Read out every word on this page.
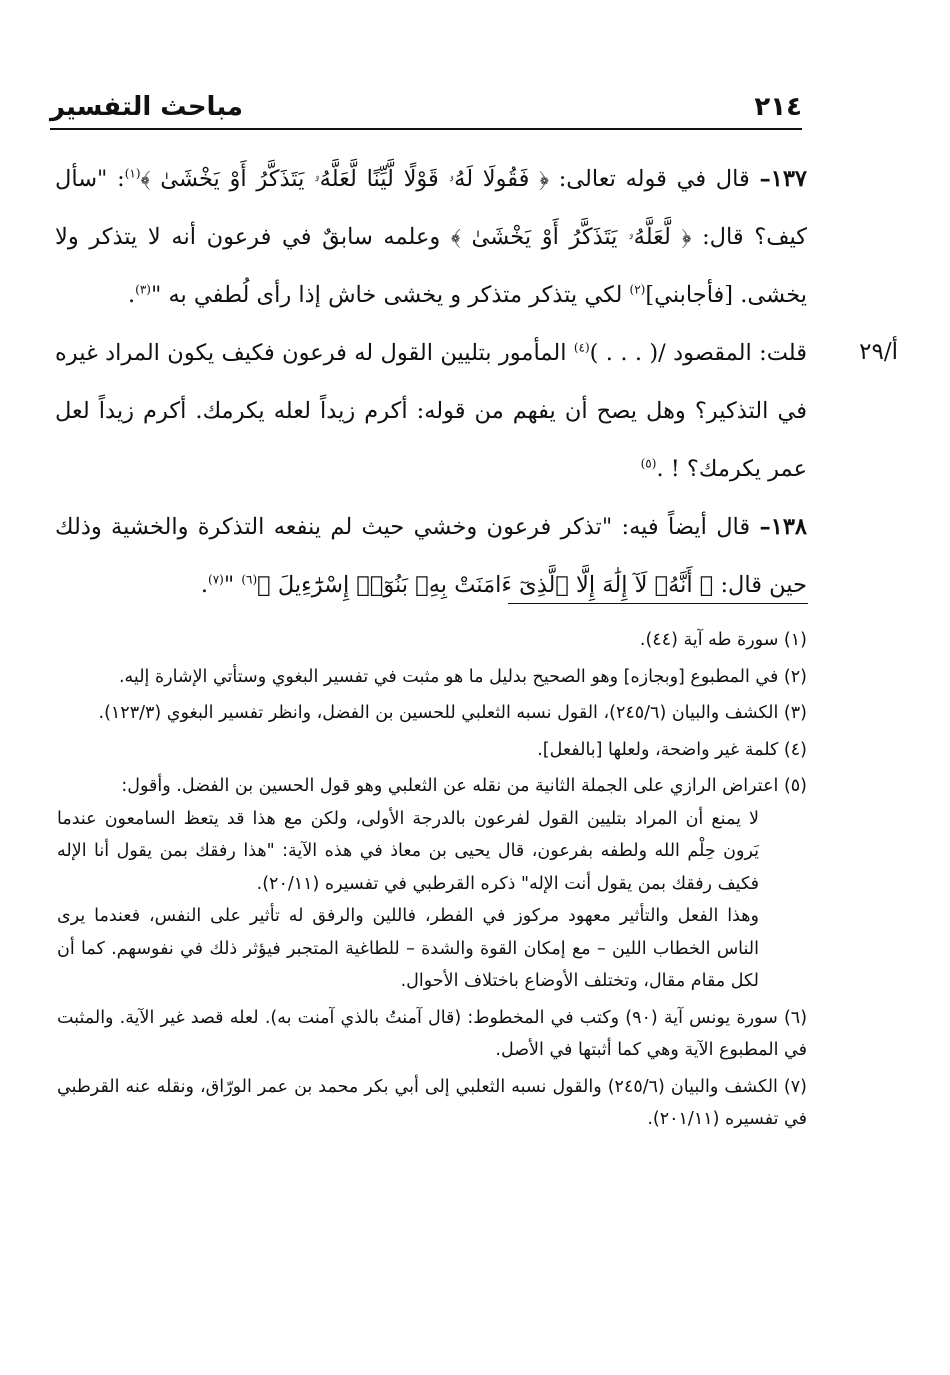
٢١٤
مباحث التفسير
أ/٢٩

١٣٧– قال في قوله تعالى: ﴿ فَقُولَا لَهُۥ قَوْلًا لَّيِّنًا لَّعَلَّهُۥ يَتَذَكَّرُ أَوْ يَخْشَىٰ ﴾$^{(١)}$: "سأل كيف؟ قال: ﴿ لَّعَلَّهُۥ يَتَذَكَّرُ أَوْ يَخْشَىٰ ﴾ وعلمه سابقٌ في فرعون أنه لا يتذكر ولا يخشى. [فأجابني]$^{(٢)}$ لكي يتذكر متذكر و يخشى خاش إذا رأى لُطفي به "$^{(٣)}$.

قلت: المقصود /( . . . )$^{(٤)}$ المأمور بتليين القول له فرعون فكيف يكون المراد غيره في التذكير؟ وهل يصح أن يفهم من قوله: أكرم زيداً لعله يكرمك. أكرم زيداً لعل عمر يكرمك؟ ! .$^{(٥)}$

١٣٨– قال أيضاً فيه: "تذكر فرعون وخشي حيث لم ينفعه التذكرة والخشية وذلك حين قال: ﴿ أَنَّهُۥ لَآ إِلَٰهَ إِلَّا ٱلَّذِىٓ ءَامَنَتْ بِهِۦ بَنُوٓا۟ إِسْرَٰٓءِيلَ ﴾$^{(٦)}$ "$^{(٧)}$.

(١) سورة طه آية (٤٤).

(٢) في المطبوع [وبجازه] وهو الصحيح بدليل ما هو مثبت في تفسير البغوي وستأتي الإشارة إليه.

(٣) الكشف والبيان (٢٤٥/٦)، القول نسبه الثعلبي للحسين بن الفضل، وانظر تفسير البغوي (١٢٣/٣).

(٤) كلمة غير واضحة، ولعلها [بالفعل].

(٥) اعتراض الرازي على الجملة الثانية من نقله عن الثعلبي وهو قول الحسين بن الفضل. وأقول:

لا يمنع أن المراد بتليين القول لفرعون بالدرجة الأولى، ولكن مع هذا قد يتعظ السامعون عندما يَرون حِلْم الله ولطفه بفرعون، قال يحيى بن معاذ في هذه الآية: "هذا رفقك بمن يقول أنا الإله فكيف رفقك بمن يقول أنت الإله" ذكره القرطبي في تفسيره (٢٠/١١).

وهذا الفعل والتأثير معهود مركوز في الفطر، فاللين والرفق له تأثير على النفس، فعندما يرى الناس الخطاب اللين – مع إمكان القوة والشدة – للطاغية المتجبر فيؤثر ذلك في نفوسهم. كما أن لكل مقام مقال، وتختلف الأوضاع باختلاف الأحوال.

(٦) سورة يونس آية (٩٠) وكتب في المخطوط: (قال آمنتُ بالذي آمنت به). لعله قصد غير الآية. والمثبت في المطبوع الآية وهي كما أثبتها في الأصل.

(٧) الكشف والبيان (٢٤٥/٦) والقول نسبه الثعلبي إلى أبي بكر محمد بن عمر الورّاق، ونقله عنه القرطبي في تفسيره (٢٠١/١١).
